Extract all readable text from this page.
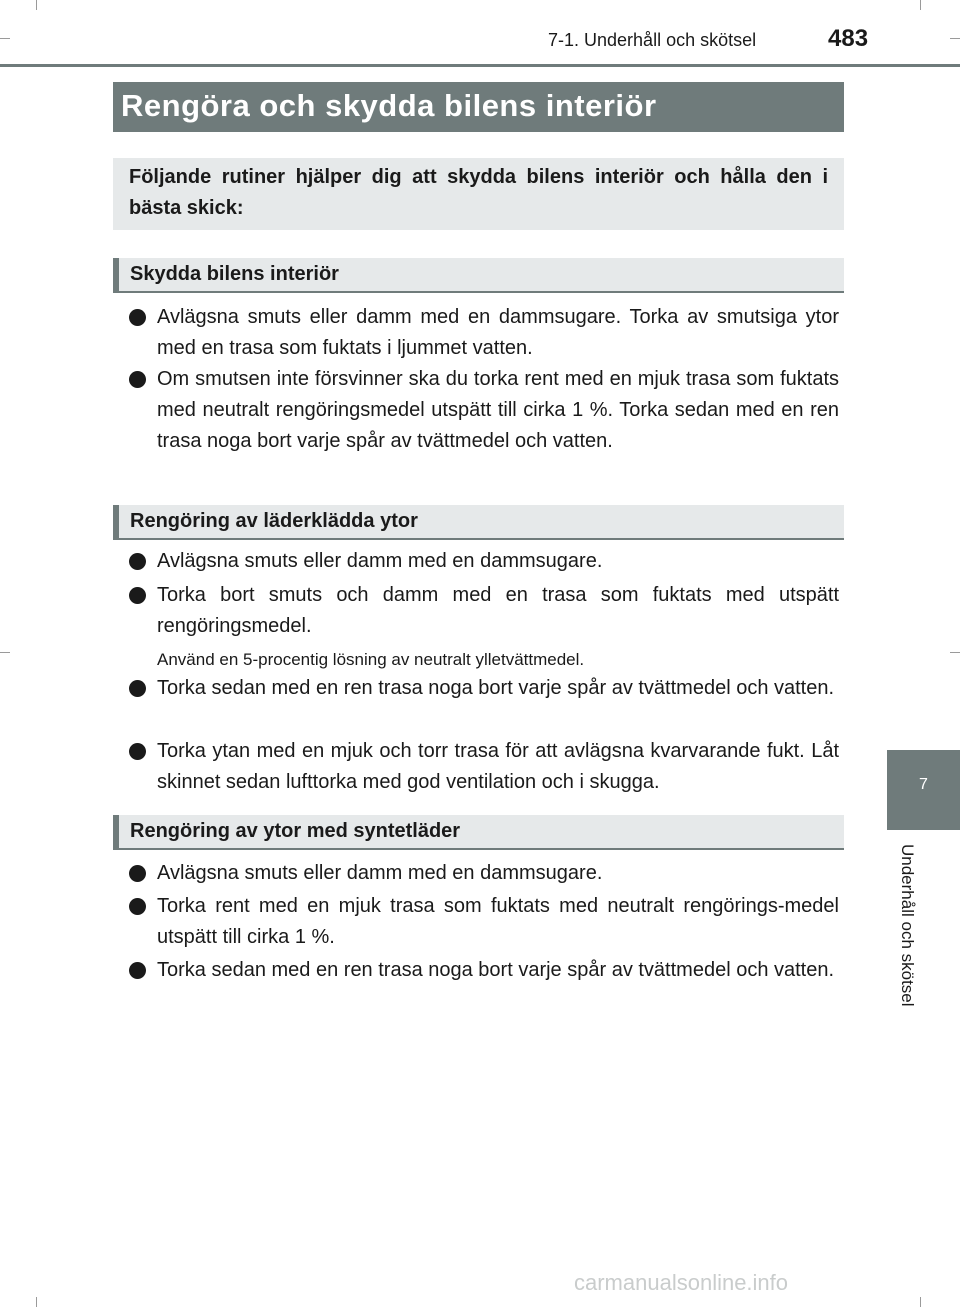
7-1. Underhåll och skötsel	483
Rengöra och skydda bilens interiör
Följande rutiner hjälper dig att skydda bilens interiör och hålla den i bästa skick:
Skydda bilens interiör
Avlägsna smuts eller damm med en dammsugare. Torka av smutsiga ytor med en trasa som fuktats i ljummet vatten.
Om smutsen inte försvinner ska du torka rent med en mjuk trasa som fuktats med neutralt rengöringsmedel utspätt till cirka 1 %. Torka sedan med en ren trasa noga bort varje spår av tvättmedel och vatten.
Rengöring av läderklädda ytor
Avlägsna smuts eller damm med en dammsugare.
Torka bort smuts och damm med en trasa som fuktats med utspätt rengöringsmedel.
Använd en 5-procentig lösning av neutralt ylletvättmedel.
Torka sedan med en ren trasa noga bort varje spår av tvättmedel och vatten.
Torka ytan med en mjuk och torr trasa för att avlägsna kvarvarande fukt. Låt skinnet sedan lufttorka med god ventilation och i skugga.
Rengöring av ytor med syntetläder
Avlägsna smuts eller damm med en dammsugare.
Torka rent med en mjuk trasa som fuktats med neutralt rengörings-medel utspätt till cirka 1 %.
Torka sedan med en ren trasa noga bort varje spår av tvättmedel och vatten.
7
Underhåll och skötsel
carmanualsonline.info
